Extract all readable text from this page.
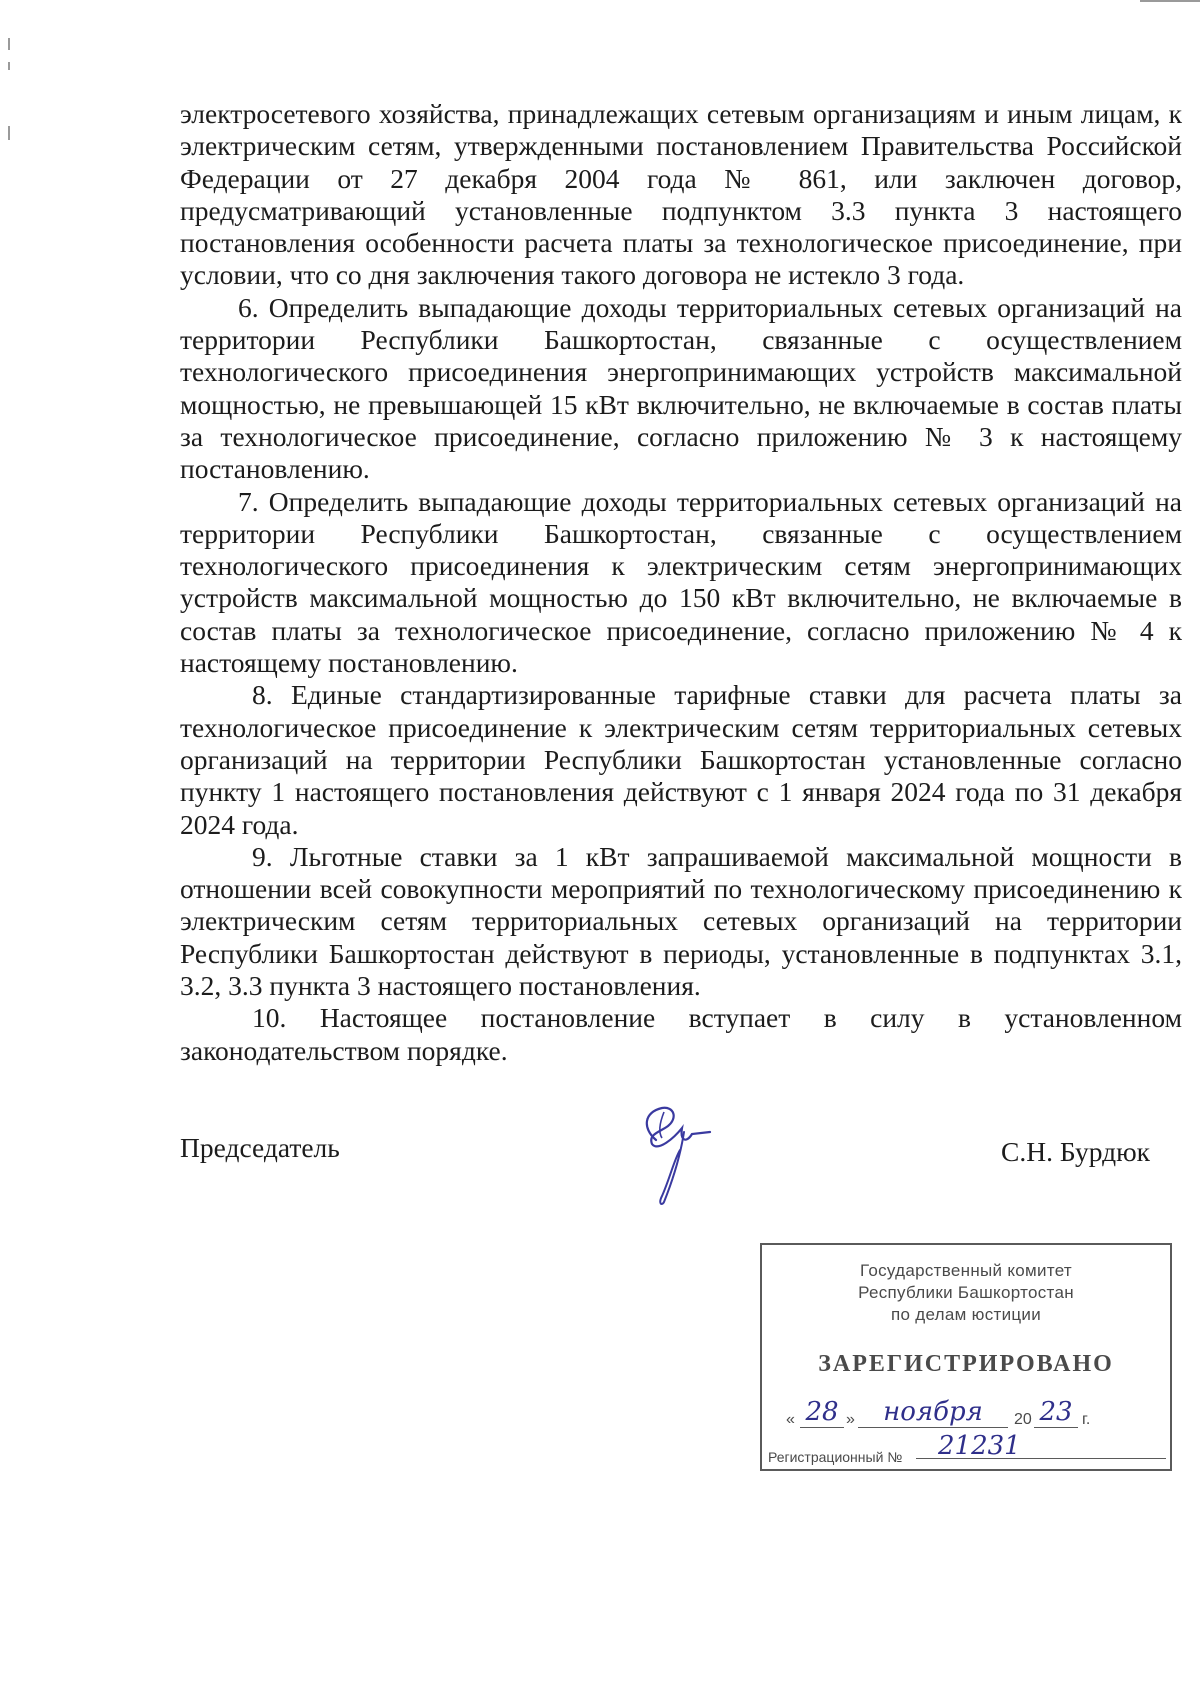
электросетевого хозяйства, принадлежащих сетевым организациям и иным лицам, к электрическим сетям, утвержденными постановлением Правительства Российской Федерации от 27 декабря 2004 года № 861, или заключен договор, предусматривающий установленные подпунктом 3.3 пункта 3 настоящего постановления особенности расчета платы за технологическое присоединение, при условии, что со дня заключения такого договора не истекло 3 года.

6. Определить выпадающие доходы территориальных сетевых организаций на территории Республики Башкортостан, связанные с осуществлением технологического присоединения энергопринимающих устройств максимальной мощностью, не превышающей 15 кВт включительно, не включаемые в состав платы за технологическое присоединение, согласно приложению № 3 к настоящему постановлению.

7. Определить выпадающие доходы территориальных сетевых организаций на территории Республики Башкортостан, связанные с осуществлением технологического присоединения к электрическим сетям энергопринимающих устройств максимальной мощностью до 150 кВт включительно, не включаемые в состав платы за технологическое присоединение, согласно приложению № 4 к настоящему постановлению.

8. Единые стандартизированные тарифные ставки для расчета платы за технологическое присоединение к электрическим сетям территориальных сетевых организаций на территории Республики Башкортостан установленные согласно пункту 1 настоящего постановления действуют с 1 января 2024 года по 31 декабря 2024 года.

9. Льготные ставки за 1 кВт запрашиваемой максимальной мощности в отношении всей совокупности мероприятий по технологическому присоединению к электрическим сетям территориальных сетевых организаций на территории Республики Башкортостан действуют в периоды, установленные в подпунктах 3.1, 3.2, 3.3 пункта 3 настоящего постановления.

10. Настоящее постановление вступает в силу в установленном законодательством порядке.

Председатель	С.Н. Бурдюк
Государственный комитет
Республики Башкортостан
по делам юстиции
ЗАРЕГИСТРИРОВАНО
« 28 »	ноября	20 23 г.
Регистрационный №	21231
